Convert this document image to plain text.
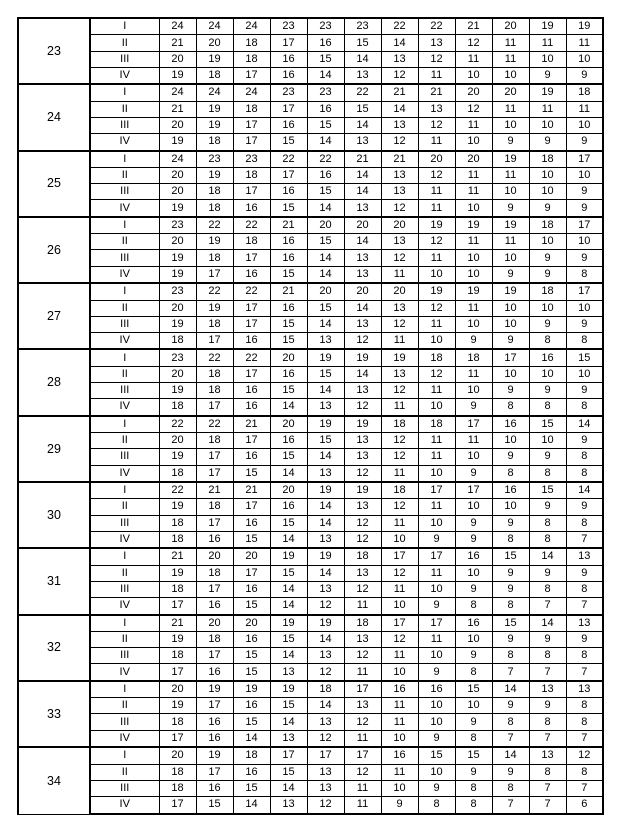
23	I	24	24	24	23	23	23	22	22	21	20	19	19
	II	21	20	18	17	16	15	14	13	12	11	11	11
	III	20	19	18	16	15	14	13	12	11	11	10	10
	IV	19	18	17	16	14	13	12	11	10	10	9	9
24	I	24	24	24	23	23	22	21	21	20	20	19	18
	II	21	19	18	17	16	15	14	13	12	11	11	11
	III	20	19	17	16	15	14	13	12	11	10	10	10
	IV	19	18	17	15	14	13	12	11	10	9	9	9
25	I	24	23	23	22	22	21	21	20	20	19	18	17
	II	20	19	18	17	16	14	13	12	11	11	10	10
	III	20	18	17	16	15	14	13	11	11	10	10	9
	IV	19	18	16	15	14	13	12	11	10	9	9	9
26	I	23	22	22	21	20	20	20	19	19	19	18	17
	II	20	19	18	16	15	14	13	12	11	11	10	10
	III	19	18	17	16	14	13	12	11	10	10	9	9
	IV	19	17	16	15	14	13	11	10	10	9	9	8
27	I	23	22	22	21	20	20	20	19	19	19	18	17
	II	20	19	17	16	15	14	13	12	11	10	10	10
	III	19	18	17	15	14	13	12	11	10	10	9	9
	IV	18	17	16	15	13	12	11	10	9	9	8	8
28	I	23	22	22	20	19	19	19	18	18	17	16	15
	II	20	18	17	16	15	14	13	12	11	10	10	10
	III	19	18	16	15	14	13	12	11	10	9	9	9
	IV	18	17	16	14	13	12	11	10	9	8	8	8
29	I	22	22	21	20	19	19	18	18	17	16	15	14
	II	20	18	17	16	15	13	12	11	11	10	10	9
	III	19	17	16	15	14	13	12	11	10	9	9	8
	IV	18	17	15	14	13	12	11	10	9	8	8	8
30	I	22	21	21	20	19	19	18	17	17	16	15	14
	II	19	18	17	16	14	13	12	11	10	10	9	9
	III	18	17	16	15	14	12	11	10	9	9	8	8
	IV	18	16	15	14	13	12	10	9	9	8	8	7
31	I	21	20	20	19	19	18	17	17	16	15	14	13
	II	19	18	17	15	14	13	12	11	10	9	9	9
	III	18	17	16	14	13	12	11	10	9	9	8	8
	IV	17	16	15	14	12	11	10	9	8	8	7	7
32	I	21	20	20	19	19	18	17	17	16	15	14	13
	II	19	18	16	15	14	13	12	11	10	9	9	9
	III	18	17	15	14	13	12	11	10	9	8	8	8
	IV	17	16	15	13	12	11	10	9	8	7	7	7
33	I	20	19	19	19	18	17	16	16	15	14	13	13
	II	19	17	16	15	14	13	11	10	10	9	9	8
	III	18	16	15	14	13	12	11	10	9	8	8	8
	IV	17	16	14	13	12	11	10	9	8	7	7	7
34	I	20	19	18	17	17	17	16	15	15	14	13	12
	II	18	17	16	15	13	12	11	10	9	9	8	8
	III	18	16	15	14	13	11	10	9	8	8	7	7
	IV	17	15	14	13	12	11	9	8	8	7	7	6
